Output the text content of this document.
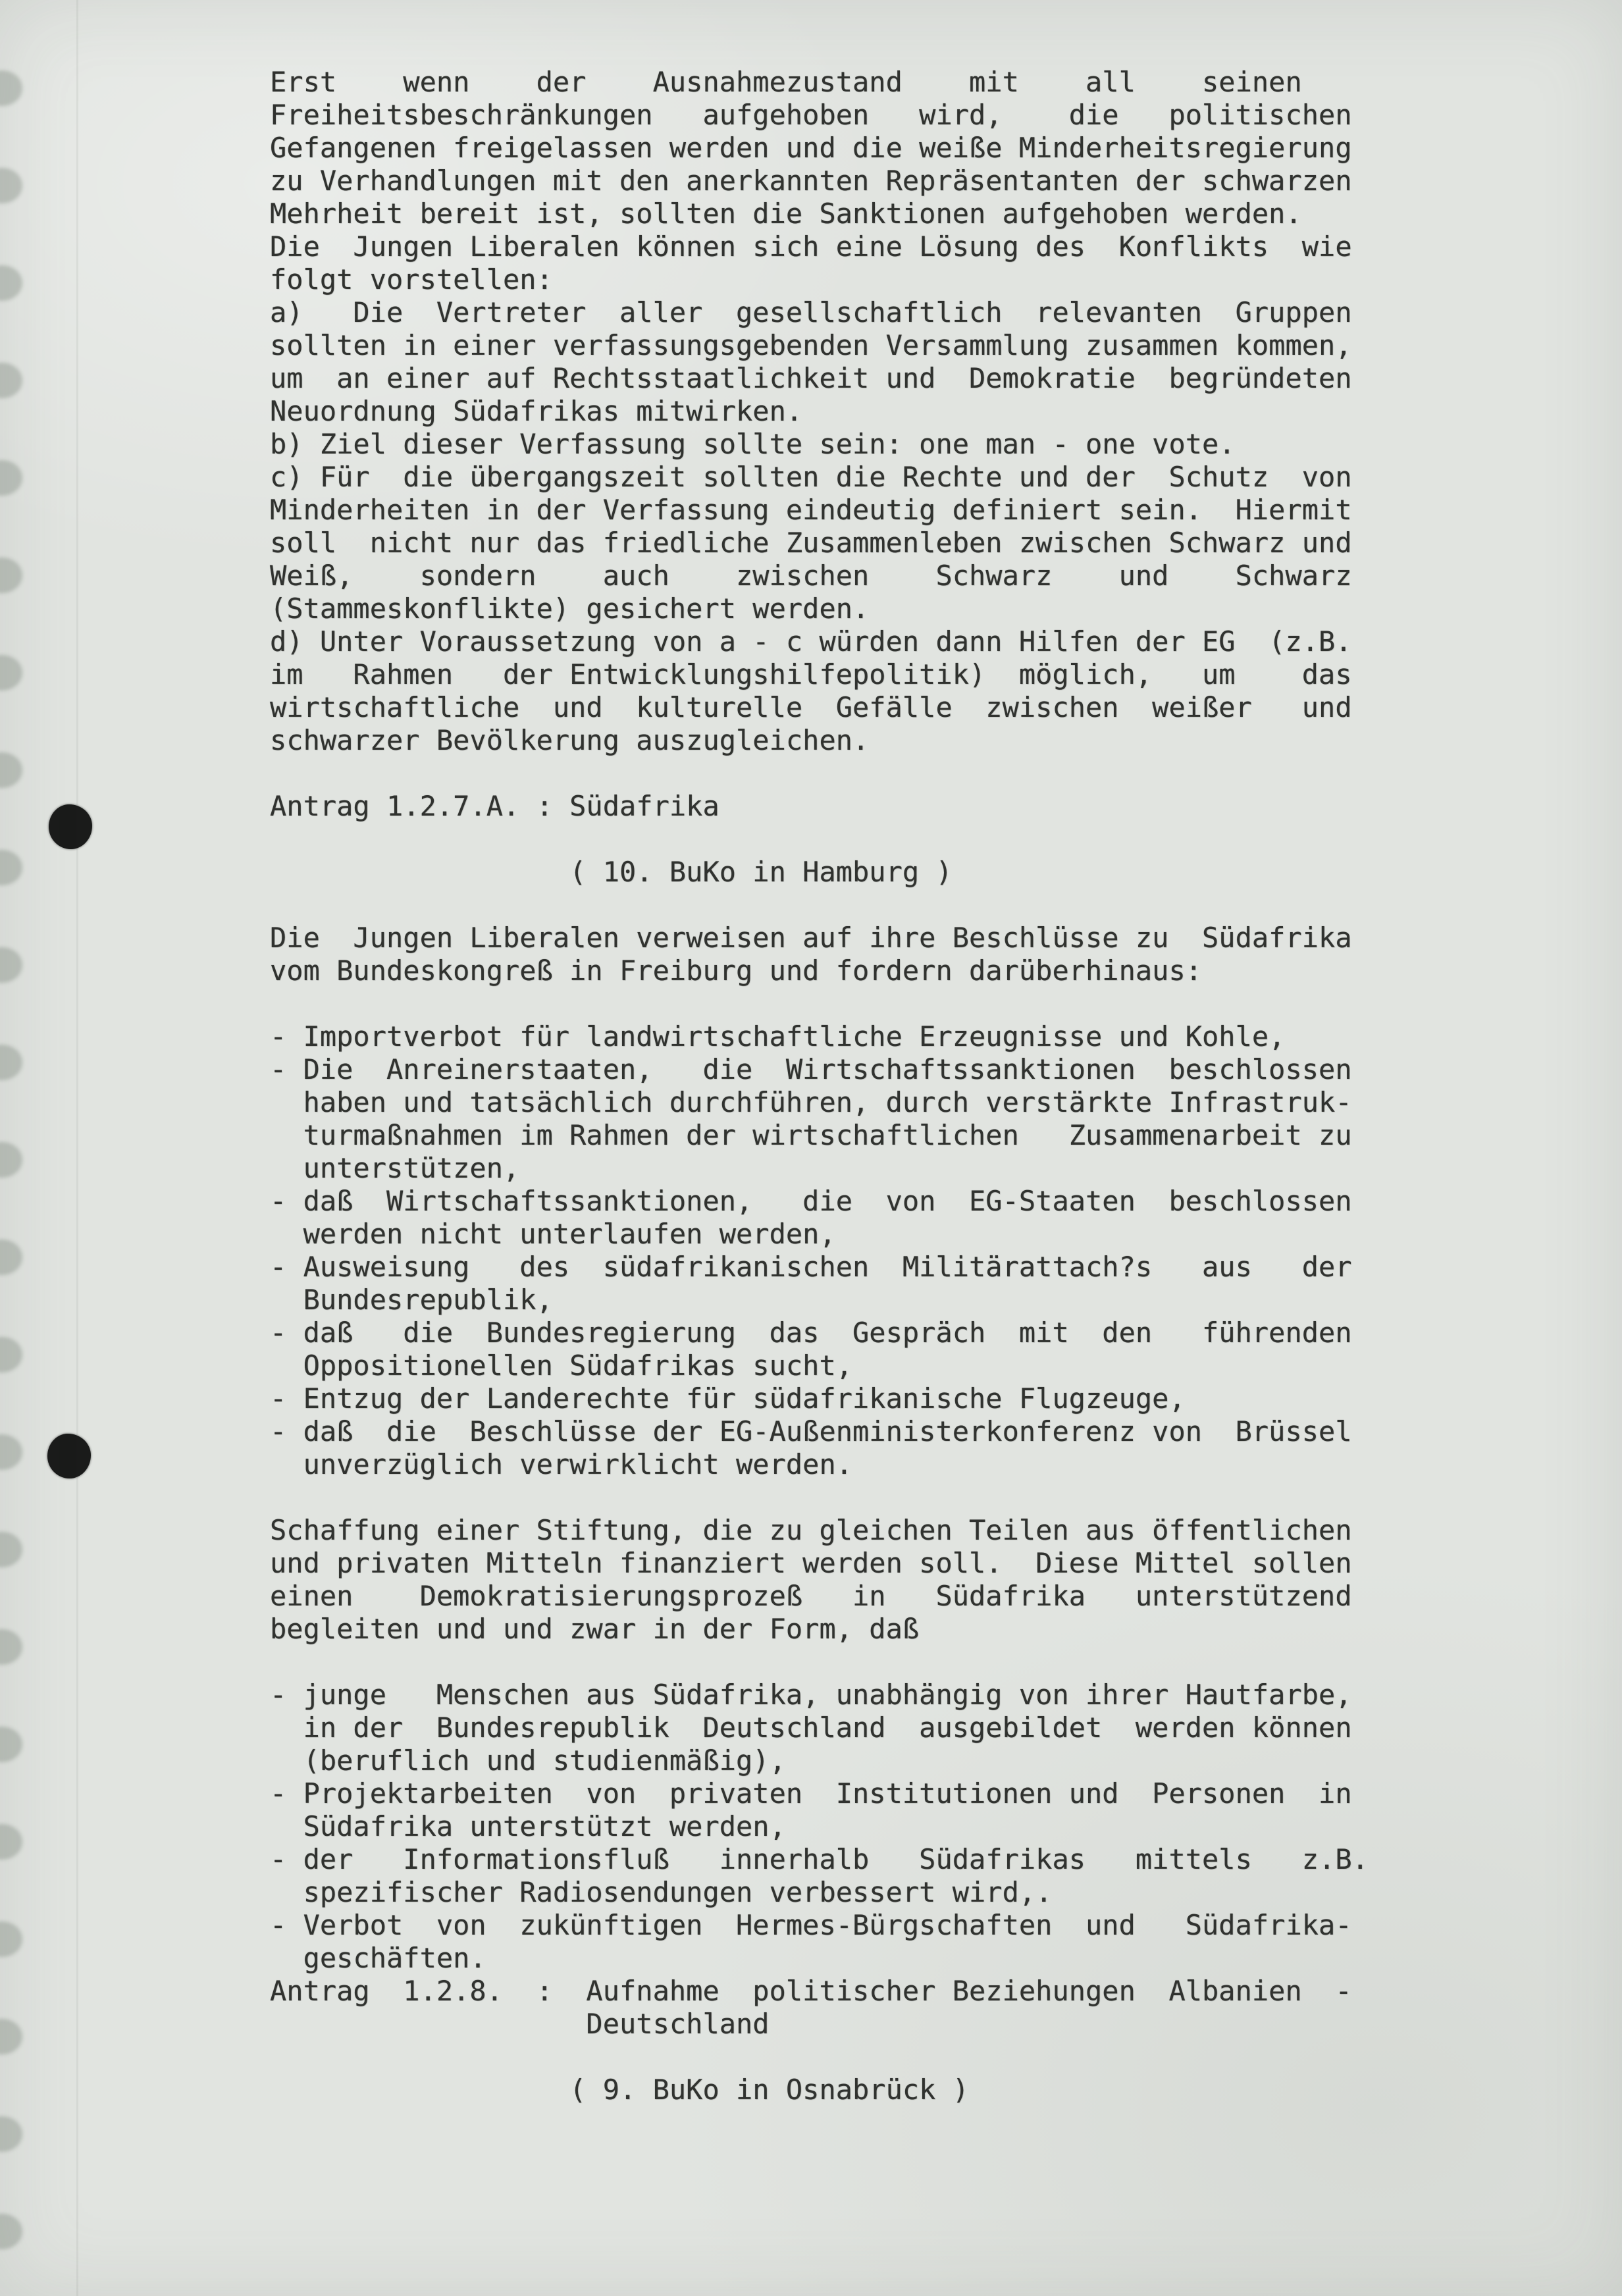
Erst    wenn    der    Ausnahmezustand    mit    all    seinen
Freiheitsbeschränkungen   aufgehoben   wird,    die   politischen
Gefangenen freigelassen werden und die weiße Minderheitsregierung
zu Verhandlungen mit den anerkannten Repräsentanten der schwarzen
Mehrheit bereit ist, sollten die Sanktionen aufgehoben werden.
Die  Jungen Liberalen können sich eine Lösung des  Konflikts  wie
folgt vorstellen:
a)   Die  Vertreter  aller  gesellschaftlich  relevanten  Gruppen
sollten in einer verfassungsgebenden Versammlung zusammen kommen,
um  an einer auf Rechtsstaatlichkeit und  Demokratie  begründeten
Neuordnung Südafrikas mitwirken.
b) Ziel dieser Verfassung sollte sein: one man - one vote.
c) Für  die übergangszeit sollten die Rechte und der  Schutz  von
Minderheiten in der Verfassung eindeutig definiert sein.  Hiermit
soll  nicht nur das friedliche Zusammenleben zwischen Schwarz und
Weiß,    sondern    auch    zwischen    Schwarz    und    Schwarz
(Stammeskonflikte) gesichert werden.
d) Unter Voraussetzung von a - c würden dann Hilfen der EG  (z.B.
im   Rahmen   der Entwicklungshilfepolitik)  möglich,   um    das
wirtschaftliche  und  kulturelle  Gefälle  zwischen  weißer   und
schwarzer Bevölkerung auszugleichen.
Antrag 1.2.7.A. : Südafrika
( 10. BuKo in Hamburg )
Die  Jungen Liberalen verweisen auf ihre Beschlüsse zu  Südafrika
vom Bundeskongreß in Freiburg und fordern darüberhinaus:
- Importverbot für landwirtschaftliche Erzeugnisse und Kohle,
- Die  Anreinerstaaten,   die  Wirtschaftssanktionen  beschlossen
haben und tatsächlich durchführen, durch verstärkte Infrastruk-
turmaßnahmen im Rahmen der wirtschaftlichen   Zusammenarbeit zu
unterstützen,
- daß  Wirtschaftssanktionen,   die  von  EG-Staaten  beschlossen
werden nicht unterlaufen werden,
- Ausweisung   des  südafrikanischen  Militärattach?s   aus   der
Bundesrepublik,
- daß   die  Bundesregierung  das  Gespräch  mit  den   führenden
Oppositionellen Südafrikas sucht,
- Entzug der Landerechte für südafrikanische Flugzeuge,
- daß  die  Beschlüsse der EG-Außenministerkonferenz von  Brüssel
unverzüglich verwirklicht werden.
Schaffung einer Stiftung, die zu gleichen Teilen aus öffentlichen
und privaten Mitteln finanziert werden soll.  Diese Mittel sollen
einen    Demokratisierungsprozeß   in   Südafrika   unterstützend
begleiten und und zwar in der Form, daß
- junge   Menschen aus Südafrika, unabhängig von ihrer Hautfarbe,
in der  Bundesrepublik  Deutschland  ausgebildet  werden können
(beruflich und studienmäßig),
- Projektarbeiten  von  privaten  Institutionen und  Personen  in
Südafrika unterstützt werden,
- der   Informationsfluß   innerhalb   Südafrikas   mittels   z.B.
spezifischer Radiosendungen verbessert wird,.
- Verbot  von  zukünftigen  Hermes-Bürgschaften  und   Südafrika-
geschäften.
Antrag  1.2.8.  :  Aufnahme  politischer Beziehungen  Albanien  -
Deutschland
( 9. BuKo in Osnabrück )
